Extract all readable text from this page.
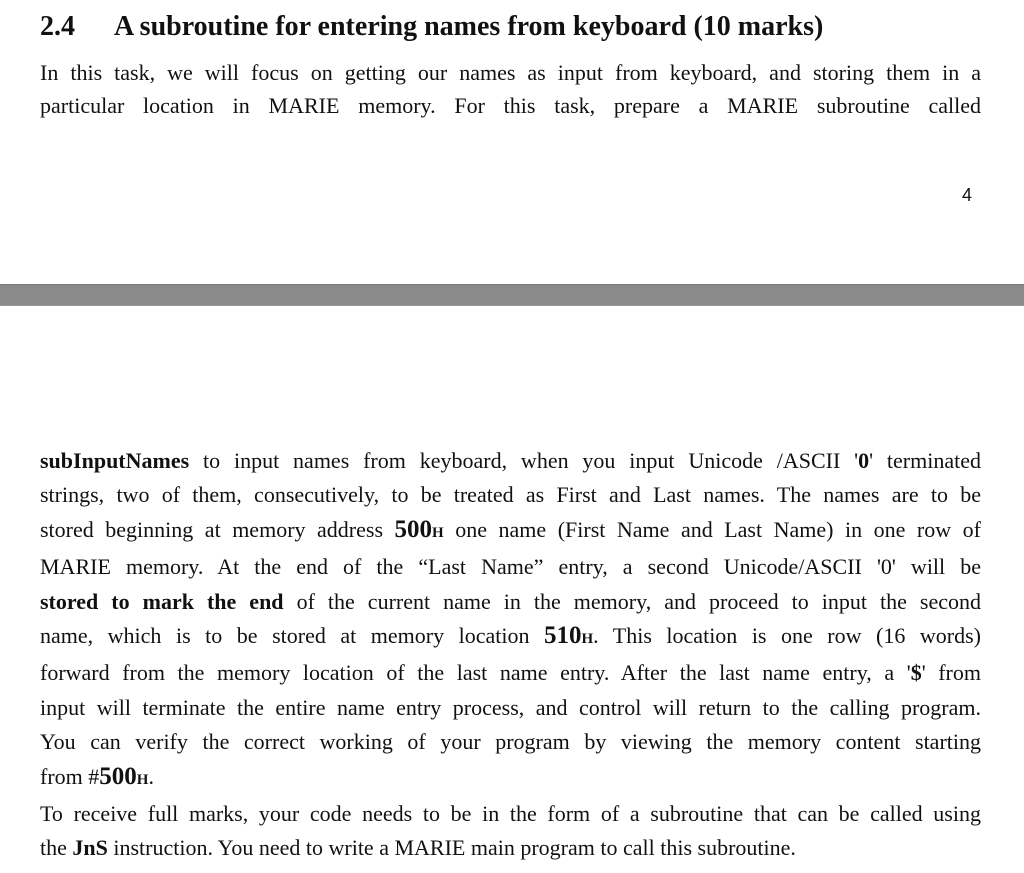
2.4 A subroutine for entering names from keyboard (10 marks)
In this task, we will focus on getting our names as input from keyboard, and storing them in a
particular location in MARIE memory. For this task, prepare a MARIE subroutine called
4
subInputNames to input names from keyboard, when you input Unicode /ASCII '0' terminated
strings, two of them, consecutively, to be treated as First and Last names. The names are to be
stored beginning at memory address 500H one name (First Name and Last Name) in one row of
MARIE memory. At the end of the “Last Name” entry, a second Unicode/ASCII '0' will be
stored to mark the end of the current name in the memory, and proceed to input the second
name, which is to be stored at memory location 510H. This location is one row (16 words)
forward from the memory location of the last name entry. After the last name entry, a '$' from
input will terminate the entire name entry process, and control will return to the calling program.
You can verify the correct working of your program by viewing the memory content starting
from #500H.
To receive full marks, your code needs to be in the form of a subroutine that can be called using
the JnS instruction. You need to write a MARIE main program to call this subroutine.
